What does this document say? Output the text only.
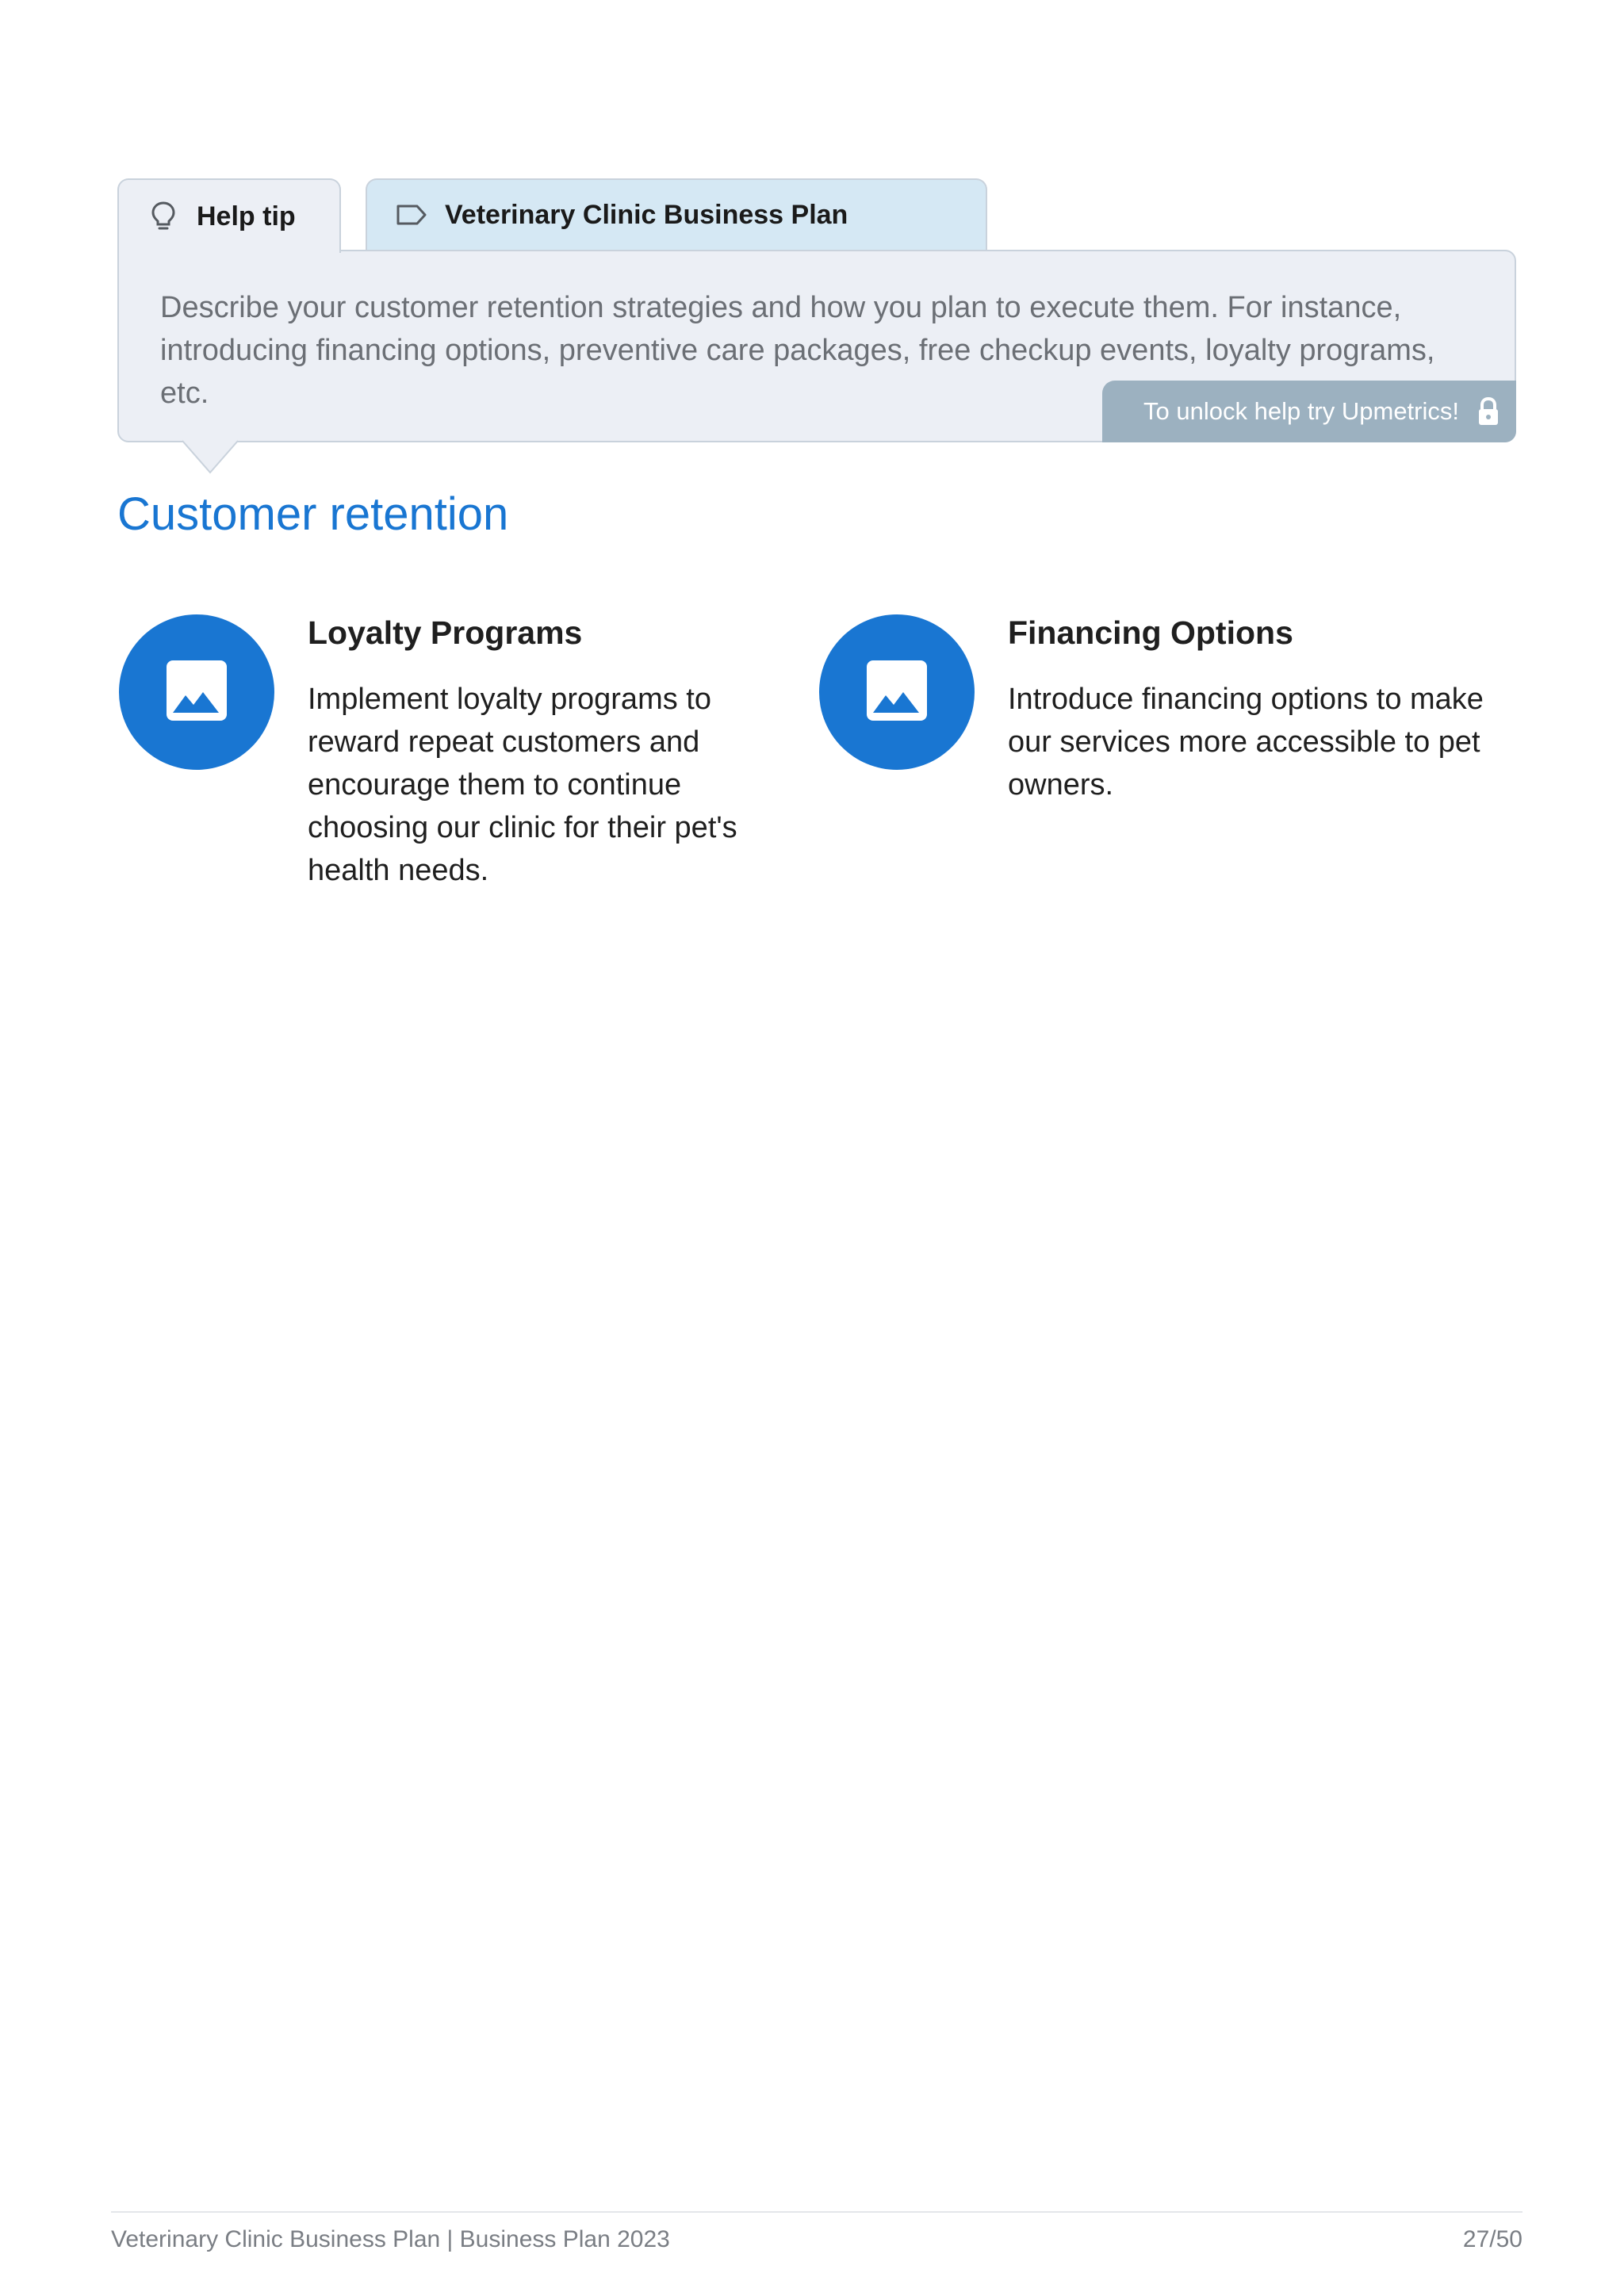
Help tip	Veterinary Clinic Business Plan

Describe your customer retention strategies and how you plan to execute them. For instance, introducing financing options, preventive care packages, free checkup events, loyalty programs, etc.

To unlock help try Upmetrics!
Customer retention
Loyalty Programs

Implement loyalty programs to reward repeat customers and encourage them to continue choosing our clinic for their pet's health needs.

Financing Options

Introduce financing options to make our services more accessible to pet owners.

Veterinary Clinic Business Plan | Business Plan 2023	27/50
